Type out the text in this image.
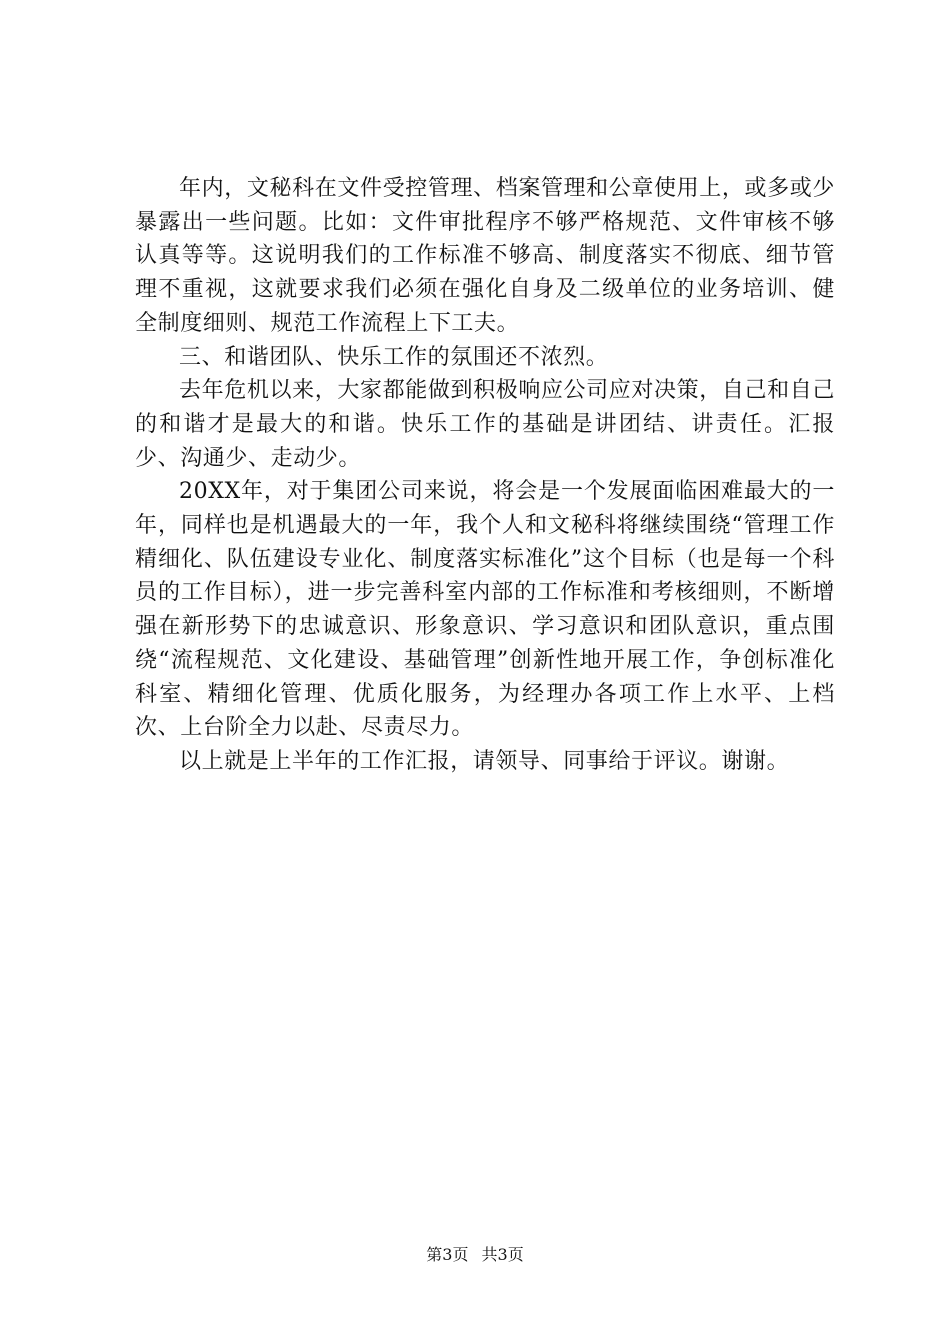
年内，文秘科在文件受控管理、档案管理和公章使用上，或多或少暴露出一些问题。比如：文件审批程序不够严格规范、文件审核不够认真等等。这说明我们的工作标准不够高、制度落实不彻底、细节管理不重视，这就要求我们必须在强化自身及二级单位的业务培训、健全制度细则、规范工作流程上下工夫。

三、和谐团队、快乐工作的氛围还不浓烈。

去年危机以来，大家都能做到积极响应公司应对决策，自己和自己的和谐才是最大的和谐。快乐工作的基础是讲团结、讲责任。汇报少、沟通少、走动少。

20XX年，对于集团公司来说，将会是一个发展面临困难最大的一年，同样也是机遇最大的一年，我个人和文秘科将继续围绕“管理工作精细化、队伍建设专业化、制度落实标准化”这个目标（也是每一个科员的工作目标），进一步完善科室内部的工作标准和考核细则，不断增强在新形势下的忠诚意识、形象意识、学习意识和团队意识，重点围绕“流程规范、文化建设、基础管理”创新性地开展工作，争创标准化科室、精细化管理、优质化服务，为经理办各项工作上水平、上档次、上台阶全力以赴、尽责尽力。

以上就是上半年的工作汇报，请领导、同事给于评议。谢谢。

第3页 共3页
